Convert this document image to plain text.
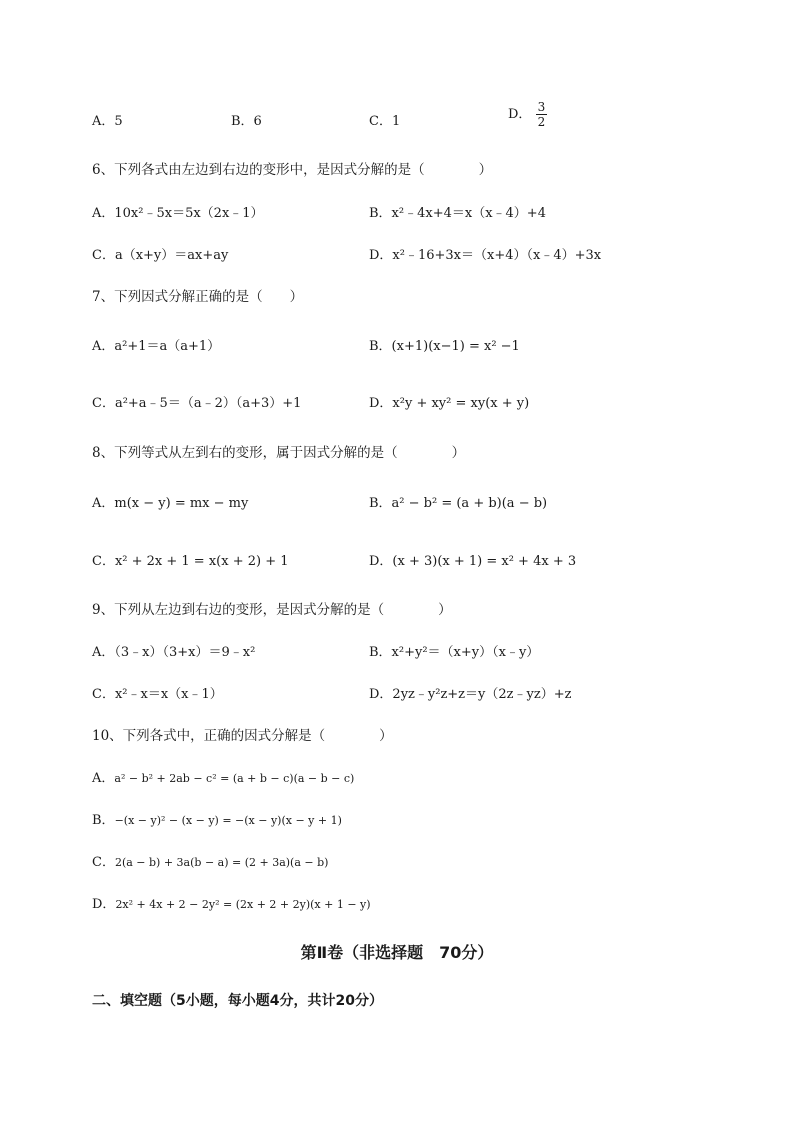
A．5	B．6	C．1	D． $\frac{3}{2}$
6、下列各式由左边到右边的变形中，是因式分解的是（　　　　）
A．10x²﹣5x＝5x（2x﹣1）	B．x²﹣4x+4＝x（x﹣4）+4
C．a（x+y）＝ax+ay	D．x²﹣16+3x＝（x+4）（x﹣4）+3x
7、下列因式分解正确的是（　　）
A．a²+1＝a（a+1）	B．(x+1)(x−1) = x² −1
C．a²+a﹣5＝（a﹣2）（a+3）+1	D．x²y + xy² = xy(x + y)
8、下列等式从左到右的变形，属于因式分解的是（　　　　）
A．m(x − y) = mx − my	B．a² − b² = (a + b)(a − b)
C．x² + 2x + 1 = x(x + 2) + 1	D．(x + 3)(x + 1) = x² + 4x + 3
9、下列从左边到右边的变形，是因式分解的是（　　　　）
A．（3﹣x）（3+x）＝9﹣x²	B．x²+y²＝（x+y）（x﹣y）
C．x²﹣x＝x（x﹣1）	D．2yz﹣y²z+z＝y（2z﹣yz）+z
10、下列各式中，正确的因式分解是（　　　　）
A．a² − b² + 2ab − c² = (a + b − c)(a − b − c)
B．−(x − y)² − (x − y) = −(x − y)(x − y + 1)
C．2(a − b) + 3a(b − a) = (2 + 3a)(a − b)
D．2x² + 4x + 2 − 2y² = (2x + 2 + 2y)(x + 1 − y)
第Ⅱ卷（非选择题　70分）
二、填空题（5小题，每小题4分，共计20分）
